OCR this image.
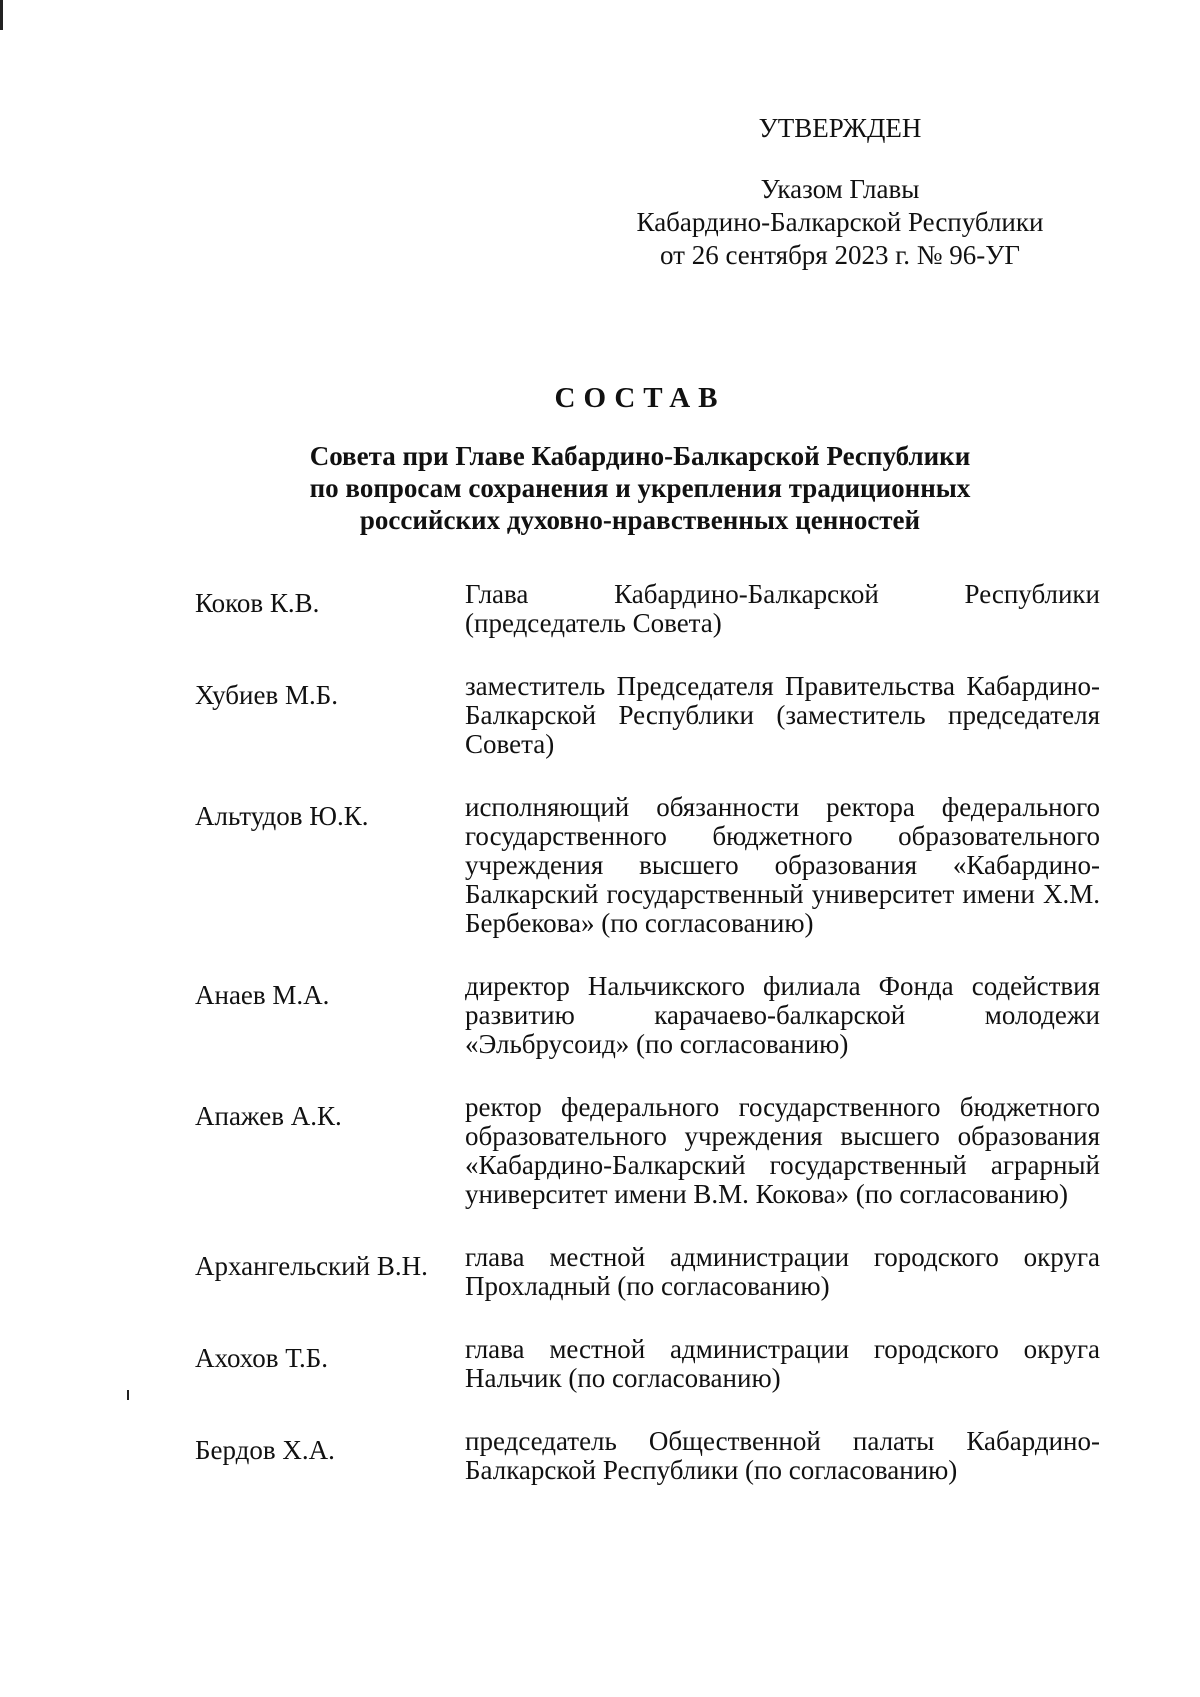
УТВЕРЖДЕН
Указом Главы
Кабардино-Балкарской Республики
от 26 сентября 2023 г. № 96-УГ
СОСТАВ
Совета при Главе Кабардино-Балкарской Республики
по вопросам сохранения и укрепления традиционных
российских духовно-нравственных ценностей
Коков К.В.	Глава Кабардино-Балкарской Республики (председатель Совета)
Хубиев М.Б.	заместитель Председателя Правительства Кабардино-Балкарской Республики (заместитель председателя Совета)
Альтудов Ю.К.	исполняющий обязанности ректора федерального государственного бюджетного образовательного учреждения высшего образования «Кабардино-Балкарский государственный университет имени Х.М. Бербекова» (по согласованию)
Анаев М.А.	директор Нальчикского филиала Фонда содействия развитию карачаево-балкарской молодежи «Эльбрусоид» (по согласованию)
Апажев А.К.	ректор федерального государственного бюджетного образовательного учреждения высшего образования «Кабардино-Балкарский государственный аграрный университет имени В.М. Кокова» (по согласованию)
Архангельский В.Н.	глава местной администрации городского округа Прохладный (по согласованию)
Ахохов Т.Б.	глава местной администрации городского округа Нальчик (по согласованию)
Бердов Х.А.	председатель Общественной палаты Кабардино-Балкарской Республики (по согласованию)
